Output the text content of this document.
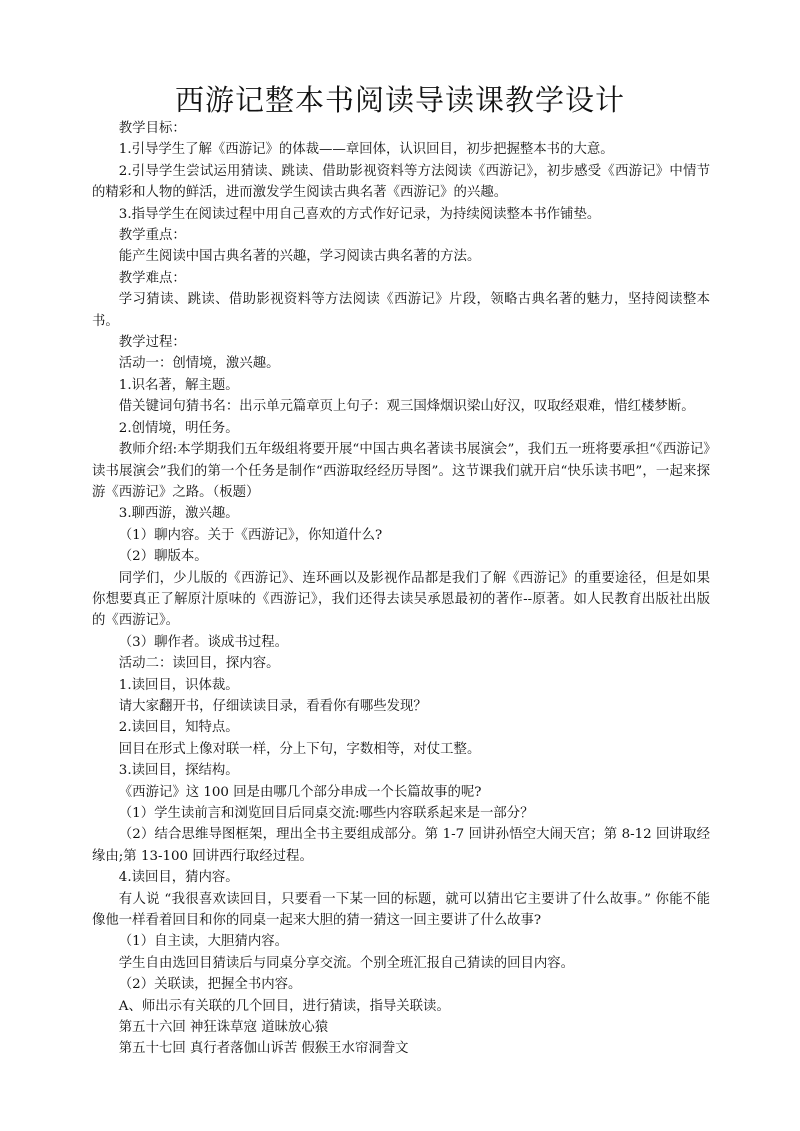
西游记整本书阅读导读课教学设计

教学目标：

1.引导学生了解《西游记》的体裁——章回体，认识回目，初步把握整本书的大意。

2.引导学生尝试运用猜读、跳读、借助影视资料等方法阅读《西游记》，初步感受《西游记》中情节的精彩和人物的鲜活，进而激发学生阅读古典名著《西游记》的兴趣。

3.指导学生在阅读过程中用自己喜欢的方式作好记录，为持续阅读整本书作铺垫。

教学重点：

能产生阅读中国古典名著的兴趣，学习阅读古典名著的方法。

教学难点：

学习猜读、跳读、借助影视资料等方法阅读《西游记》片段，领略古典名著的魅力，坚持阅读整本书。

教学过程：

活动一：创情境，激兴趣。

1.识名著，解主题。

借关键词句猜书名：出示单元篇章页上句子：观三国烽烟识梁山好汉，叹取经艰难，惜红楼梦断。

2.创情境，明任务。

教师介绍:本学期我们五年级组将要开展“中国古典名著读书展演会”，我们五一班将要承担“《西游记》读书展演会”我们的第一个任务是制作“西游取经经历导图”。这节课我们就开启“快乐读书吧”，一起来探游《西游记》之路。（板题）

3.聊西游，激兴趣。

（1）聊内容。关于《西游记》，你知道什么?

（2）聊版本。

同学们，少儿版的《西游记》、连环画以及影视作品都是我们了解《西游记》的重要途径，但是如果你想要真正了解原汁原味的《西游记》，我们还得去读吴承恩最初的著作--原著。如人民教育出版社出版的《西游记》。

（3）聊作者。谈成书过程。

活动二：读回目，探内容。

1.读回目，识体裁。

请大家翻开书，仔细读读目录，看看你有哪些发现？

2.读回目，知特点。

回目在形式上像对联一样，分上下句，字数相等，对仗工整。

3.读回目，探结构。

《西游记》这 100 回是由哪几个部分串成一个长篇故事的呢?

（1）学生读前言和浏览回目后同桌交流:哪些内容联系起来是一部分？

（2）结合思维导图框架，理出全书主要组成部分。第 1-7 回讲孙悟空大闹天宫；第 8-12 回讲取经缘由;第 13-100 回讲西行取经过程。

4.读回目，猜内容。

有人说 “我很喜欢读回目，只要看一下某一回的标题，就可以猜出它主要讲了什么故事。” 你能不能像他一样看着回目和你的同桌一起来大胆的猜一猜这一回主要讲了什么故事?

（1）自主读，大胆猜内容。

学生自由选回目猜读后与同桌分享交流。个别全班汇报自己猜读的回目内容。

（2）关联读，把握全书内容。

A、师出示有关联的几个回目，进行猜读，指导关联读。

第五十六回 神狂诛草寇 道昧放心猿

第五十七回 真行者落伽山诉苦 假猴王水帘洞誊文
